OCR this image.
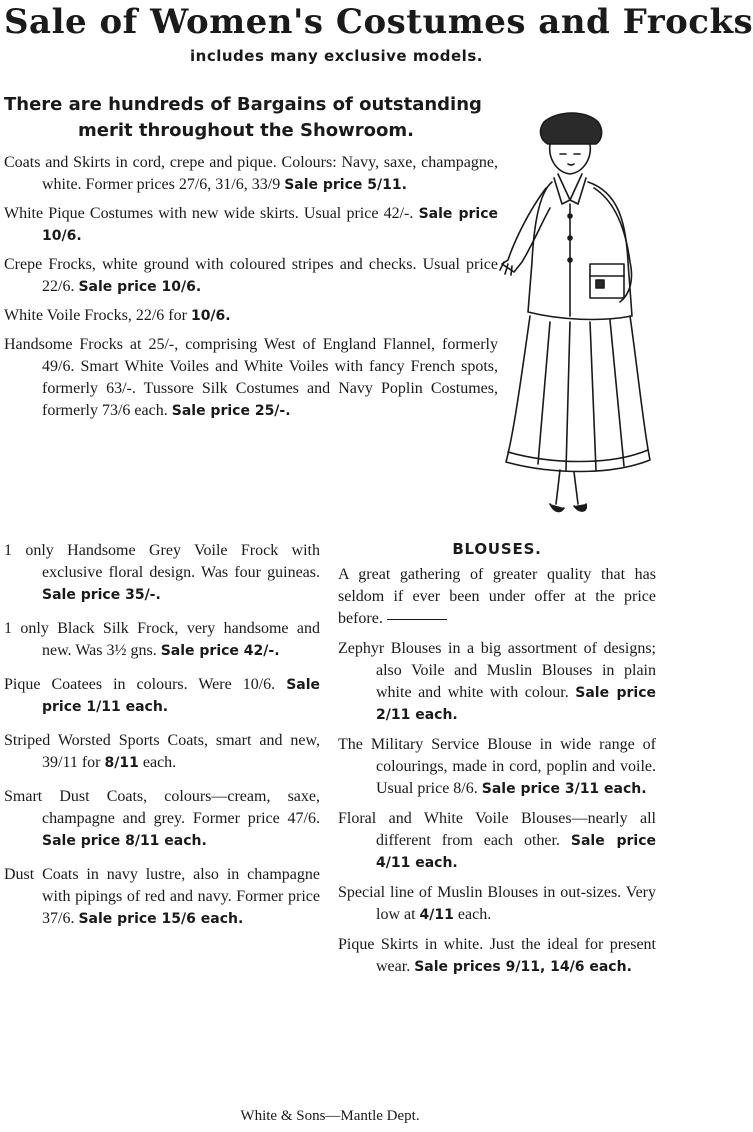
Sale of Women's Costumes and Frocks
includes many exclusive models.
There are hundreds of Bargains of outstanding
merit throughout the Showroom.
Coats and Skirts in cord, crepe and pique. Colours: Navy, saxe, champagne, white. Former prices 27/6, 31/6, 33/9 Sale price 5/11.
White Pique Costumes with new wide skirts. Usual price 42/-. Sale price 10/6.
Crepe Frocks, white ground with coloured stripes and checks. Usual price 22/6. Sale price 10/6.
White Voile Frocks, 22/6 for 10/6.
Handsome Frocks at 25/-, comprising West of England Flannel, formerly 49/6. Smart White Voiles and White Voiles with fancy French spots, formerly 63/-. Tussore Silk Costumes and Navy Poplin Costumes, formerly 73/6 each. Sale price 25/-.
1 only Handsome Grey Voile Frock with exclusive floral design. Was four guineas. Sale price 35/-.
1 only Black Silk Frock, very handsome and new. Was 3½ gns. Sale price 42/-.
Pique Coatees in colours. Were 10/6. Sale price 1/11 each.
Striped Worsted Sports Coats, smart and new, 39/11 for 8/11 each.
Smart Dust Coats, colours—cream, saxe, champagne and grey. Former price 47/6. Sale price 8/11 each.
Dust Coats in navy lustre, also in champagne with pipings of red and navy. Former price 37/6. Sale price 15/6 each.
BLOUSES.
A great gathering of greater quality that has seldom if ever been under offer at the price before.
Zephyr Blouses in a big assortment of designs; also Voile and Muslin Blouses in plain white and white with colour. Sale price 2/11 each.
The Military Service Blouse in wide range of colourings, made in cord, poplin and voile. Usual price 8/6. Sale price 3/11 each.
Floral and White Voile Blouses—nearly all different from each other. Sale price 4/11 each.
Special line of Muslin Blouses in out-sizes. Very low at 4/11 each.
Pique Skirts in white. Just the ideal for present wear. Sale prices 9/11, 14/6 each.
White & Sons—Mantle Dept.
